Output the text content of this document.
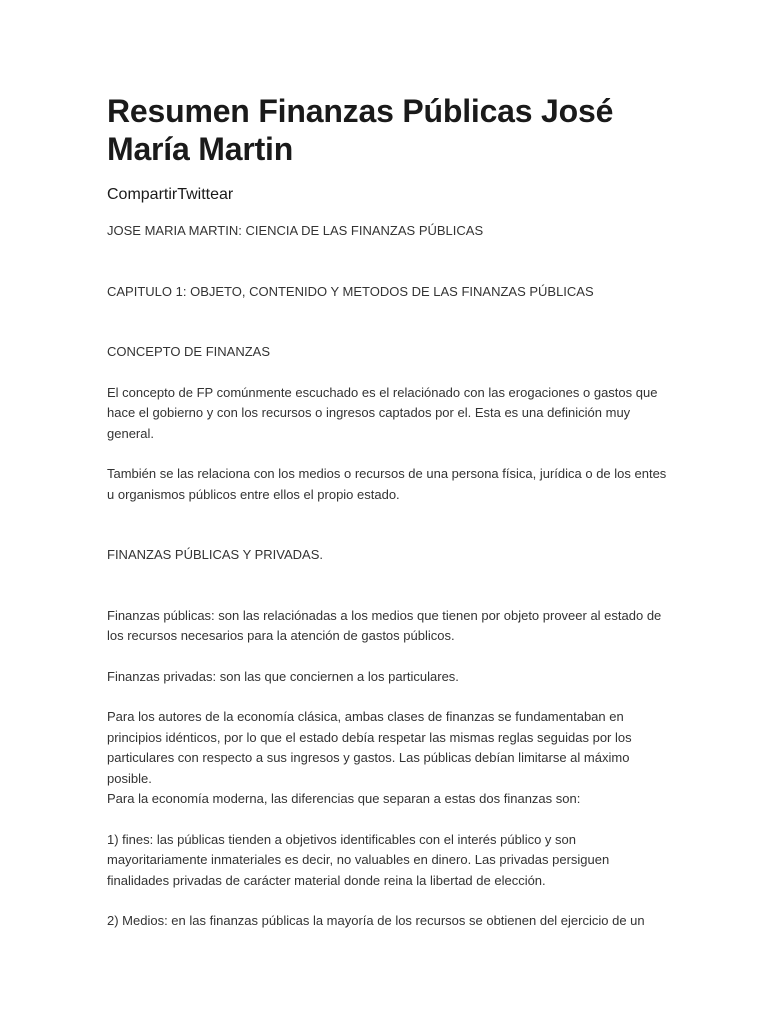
Resumen Finanzas Públicas José María Martin
CompartirTwittear

JOSE MARIA MARTIN: CIENCIA DE LAS FINANZAS PÚBLICAS

CAPITULO 1: OBJETO, CONTENIDO Y METODOS DE LAS FINANZAS PÚBLICAS

CONCEPTO DE FINANZAS

El concepto de FP comúnmente escuchado es el relaciónado con las erogaciones o gastos que hace el gobierno y con los recursos o ingresos captados por el. Esta es una definición muy general.

También se las relaciona con los medios o recursos de una persona física, jurídica o de los entes u organismos públicos entre ellos el propio estado.

FINANZAS PÚBLICAS Y PRIVADAS.

Finanzas públicas: son las relaciónadas a los medios que tienen por objeto proveer al estado de los recursos necesarios para la atención de gastos públicos.

Finanzas privadas: son las que conciernen a los particulares.

Para los autores de la economía clásica, ambas clases de finanzas se fundamentaban en principios idénticos, por lo que el estado debía respetar las mismas reglas seguidas por los particulares con respecto a sus ingresos y gastos. Las públicas debían limitarse al máximo posible.

Para la economía moderna, las diferencias que separan a estas dos finanzas son:

1) fines: las públicas tienden a objetivos identificables con el interés público y son mayoritariamente inmateriales es decir, no valuables en dinero. Las privadas persiguen finalidades privadas de carácter material donde reina la libertad de elección.

2) Medios: en las finanzas públicas la mayoría de los recursos se obtienen del ejercicio de un
